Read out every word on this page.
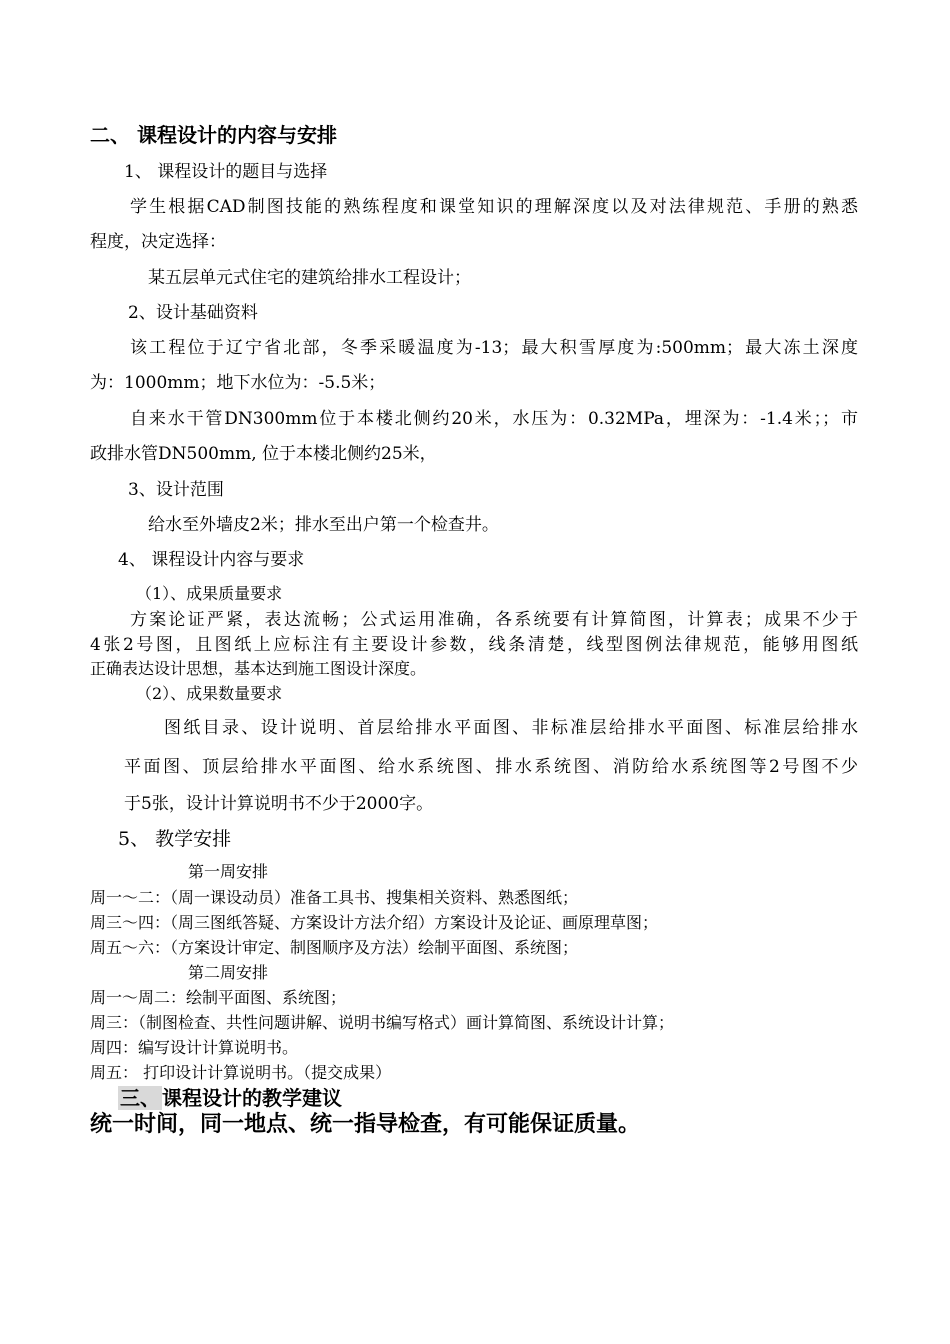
二、 课程设计的内容与安排
1、 课程设计的题目与选择
学生根据CAD制图技能的熟练程度和课堂知识的理解深度以及对法律规范、手册的熟悉
程度，决定选择：
某五层单元式住宅的建筑给排水工程设计；
2、设计基础资料
该工程位于辽宁省北部，冬季采暖温度为-13；最大积雪厚度为:500mm；最大冻土深度
为：1000mm；地下水位为：-5.5米；
自来水干管DN300mm位于本楼北侧约20米，水压为：0.32MPa，埋深为：-1.4米；；市
政排水管DN500mm, 位于本楼北侧约25米，
3、设计范围
给水至外墙皮2米；排水至出户第一个检查井。
4、 课程设计内容与要求
（1）、成果质量要求
方案论证严紧，表达流畅；公式运用准确，各系统要有计算简图，计算表；成果不少于
4张2号图，且图纸上应标注有主要设计参数，线条清楚，线型图例法律规范，能够用图纸
正确表达设计思想，基本达到施工图设计深度。
（2）、成果数量要求
图纸目录、设计说明、首层给排水平面图、非标准层给排水平面图、标准层给排水
平面图、顶层给排水平面图、给水系统图、排水系统图、消防给水系统图等2号图不少
于5张，设计计算说明书不少于2000字。
5、 教学安排
第一周安排
周一～二：（周一课设动员）准备工具书、搜集相关资料、熟悉图纸；
周三～四：（周三图纸答疑、方案设计方法介绍）方案设计及论证、画原理草图；
周五～六：（方案设计审定、制图顺序及方法）绘制平面图、系统图；
第二周安排
周一～周二：绘制平面图、系统图；
周三：（制图检查、共性问题讲解、说明书编写格式）画计算简图、系统设计计算；
周四：编写设计计算说明书。
周五： 打印设计计算说明书。（提交成果）
三、 课程设计的教学建议
统一时间，同一地点、统一指导检查，有可能保证质量。
